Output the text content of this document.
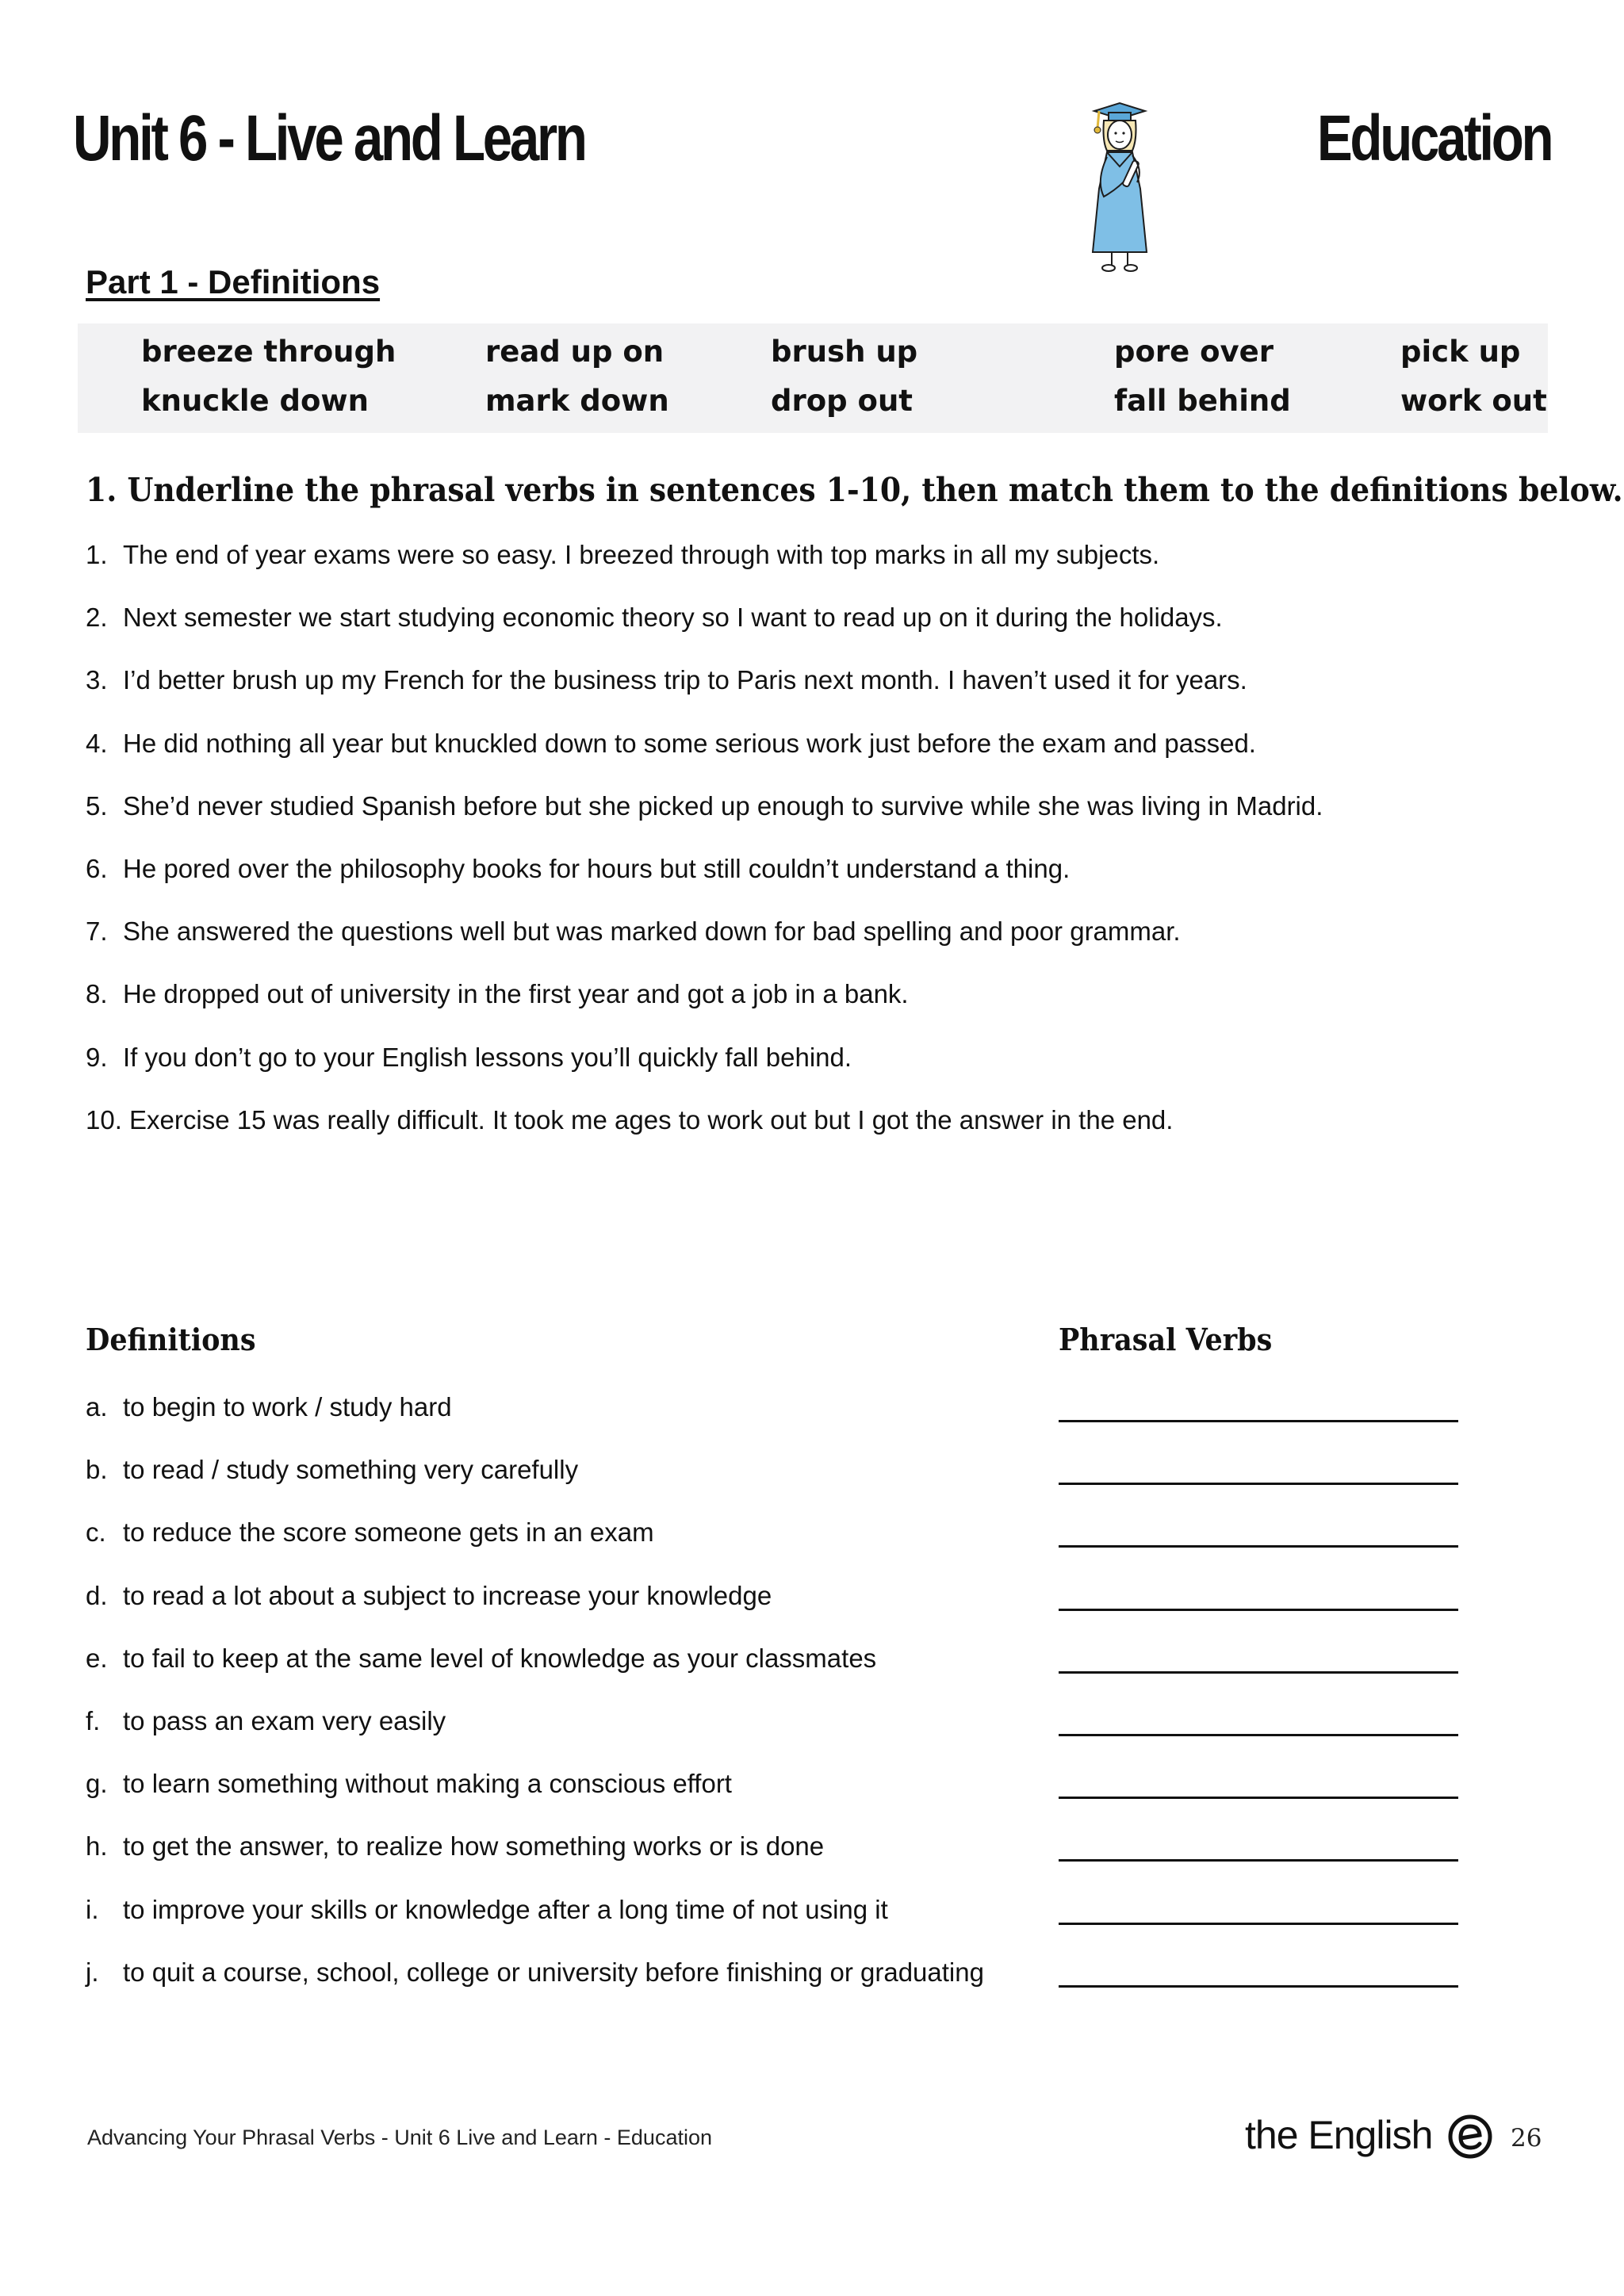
Unit 6 - Live and Learn	Education
Part 1 - Definitions
breeze through	read up on	brush up	pore over	pick up
knuckle down	mark down	drop out	fall behind	work out
1. Underline the phrasal verbs in sentences 1-10, then match them to the definitions below.
1. The end of year exams were so easy. I breezed through with top marks in all my subjects.
2. Next semester we start studying economic theory so I want to read up on it during the holidays.
3. I’d better brush up my French for the business trip to Paris next month. I haven’t used it for years.
4. He did nothing all year but knuckled down to some serious work just before the exam and passed.
5. She’d never studied Spanish before but she picked up enough to survive while she was living in Madrid.
6. He pored over the philosophy books for hours but still couldn’t understand a thing.
7. She answered the questions well but was marked down for bad spelling and poor grammar.
8. He dropped out of university in the first year and got a job in a bank.
9. If you don’t go to your English lessons you’ll quickly fall behind.
10. Exercise 15 was really difficult. It took me ages to work out but I got the answer in the end.
Definitions	Phrasal Verbs
a. to begin to work / study hard
b. to read / study something very carefully
c. to reduce the score someone gets in an exam
d. to read a lot about a subject to increase your knowledge
e. to fail to keep at the same level of knowledge as your classmates
f. to pass an exam very easily
g. to learn something without making a conscious effort
h. to get the answer, to realize how something works or is done
i. to improve your skills or knowledge after a long time of not using it
j. to quit a course, school, college or university before finishing or graduating
Advancing Your Phrasal Verbs - Unit 6 Live and Learn - Education	the English	26
